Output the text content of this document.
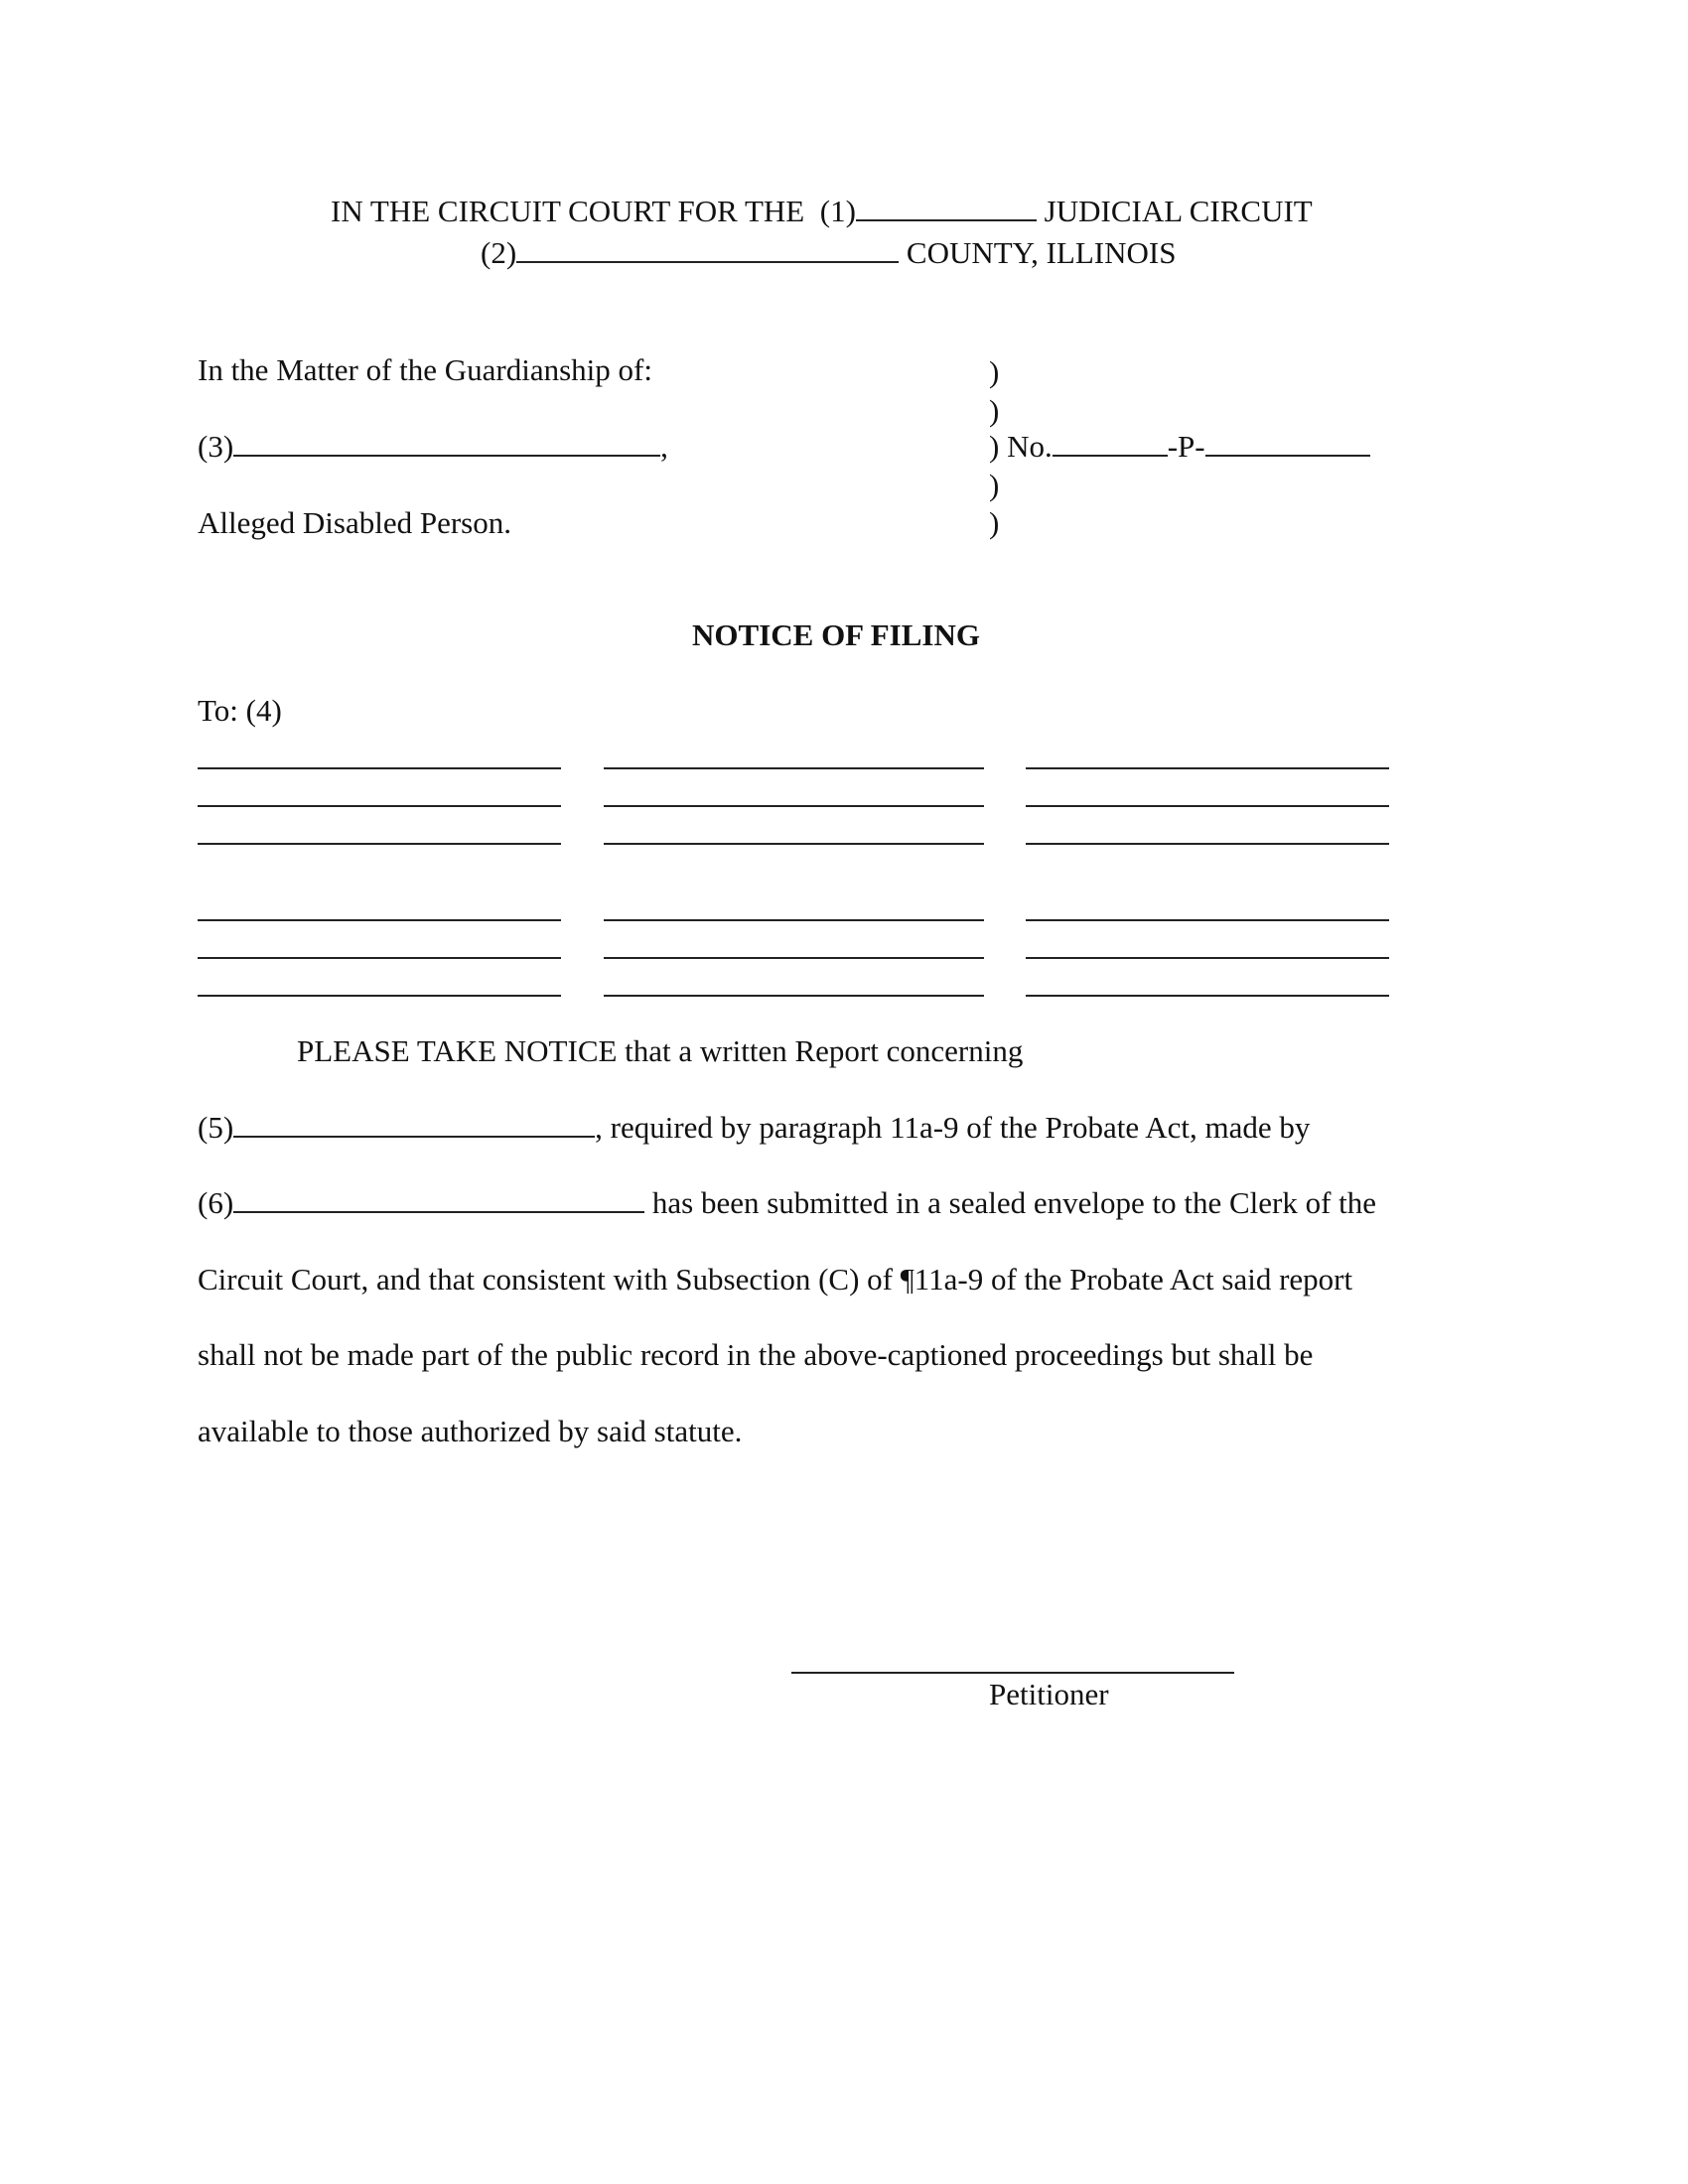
IN THE CIRCUIT COURT FOR THE  (1)	JUDICIAL CIRCUIT
(2)	COUNTY, ILLINOIS
In the Matter of the Guardianship of:
(3)	,
Alleged Disabled Person.
)
)
) No.	-P-
)
)
NOTICE OF FILING
To: (4)
PLEASE TAKE NOTICE that a written Report concerning
(5)	, required by paragraph 11a-9 of the Probate Act, made by
(6)	has been submitted in a sealed envelope to the Clerk of the
Circuit Court, and that consistent with Subsection (C) of ¶11a-9 of the Probate Act said report
shall not be made part of the public record in the above-captioned proceedings but shall be
available to those authorized by said statute.
Petitioner
